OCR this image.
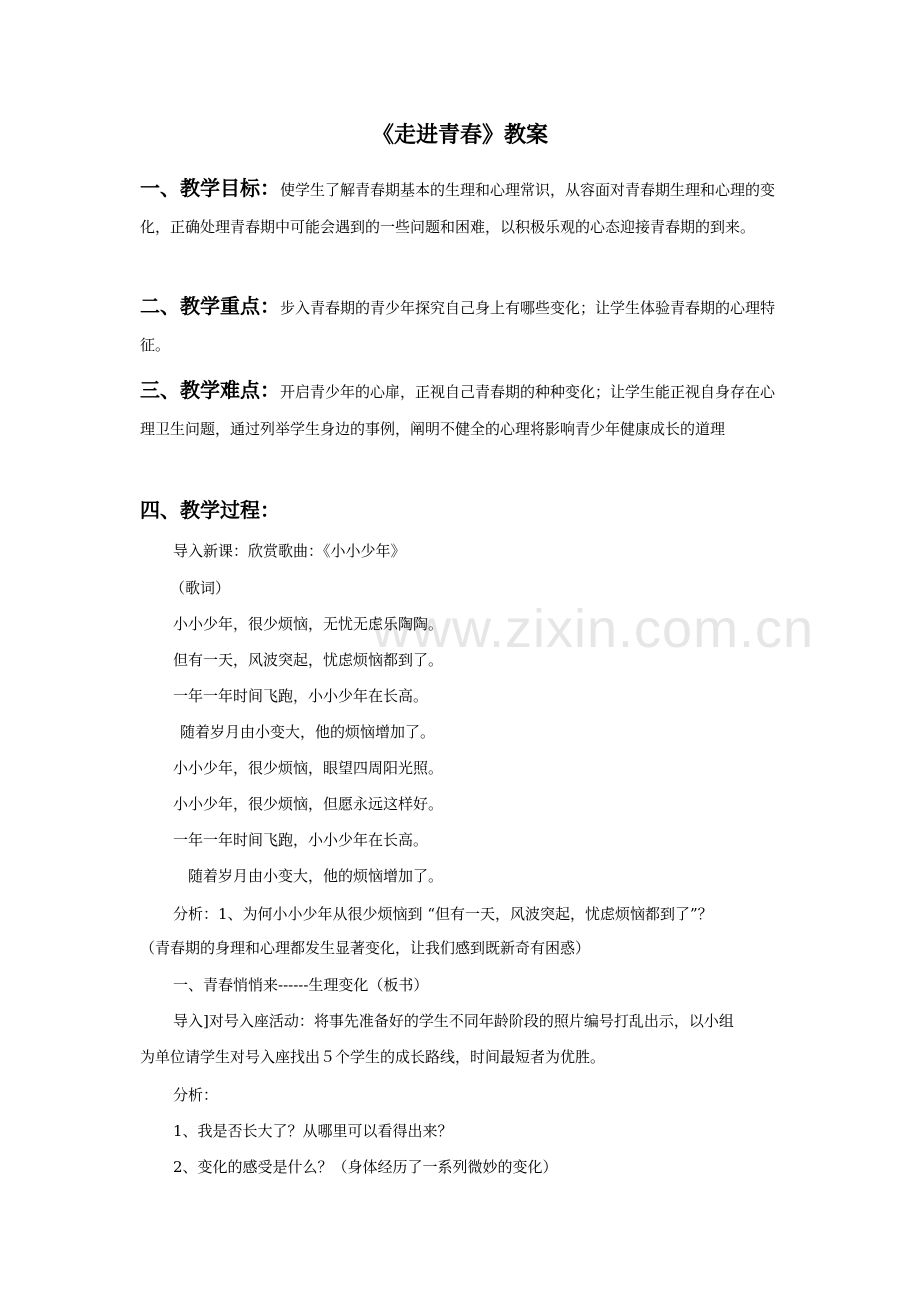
www.zixin.com.cn
《走进青春》教案
一、教学目标：使学生了解青春期基本的生理和心理常识，从容面对青春期生理和心理的变化，正确处理青春期中可能会遇到的一些问题和困难，以积极乐观的心态迎接青春期的到来。
二、教学重点：步入青春期的青少年探究自己身上有哪些变化；让学生体验青春期的心理特征。
三、教学难点：开启青少年的心扉，正视自己青春期的种种变化；让学生能正视自身存在心理卫生问题，通过列举学生身边的事例，阐明不健全的心理将影响青少年健康成长的道理
四、教学过程：
导入新课：欣赏歌曲：《小小少年》
（歌词）
小小少年，很少烦恼，无忧无虑乐陶陶。
但有一天，风波突起，忧虑烦恼都到了。
一年一年时间飞跑，小小少年在长高。
随着岁月由小变大，他的烦恼增加了。
小小少年，很少烦恼，眼望四周阳光照。
小小少年，很少烦恼，但愿永远这样好。
一年一年时间飞跑，小小少年在长高。
随着岁月由小变大，他的烦恼增加了。
分析：1、为何小小少年从很少烦恼到 “但有一天，风波突起，忧虑烦恼都到了”？
（青春期的身理和心理都发生显著变化，让我们感到既新奇有困惑）
一、青春悄悄来------生理变化（板书）
导入]对号入座活动：将事先准备好的学生不同年龄阶段的照片编号打乱出示，以小组
为单位请学生对号入座找出５个学生的成长路线，时间最短者为优胜。
分析：
1、我是否长大了？从哪里可以看得出来？
2、变化的感受是什么？（身体经历了一系列微妙的变化）
